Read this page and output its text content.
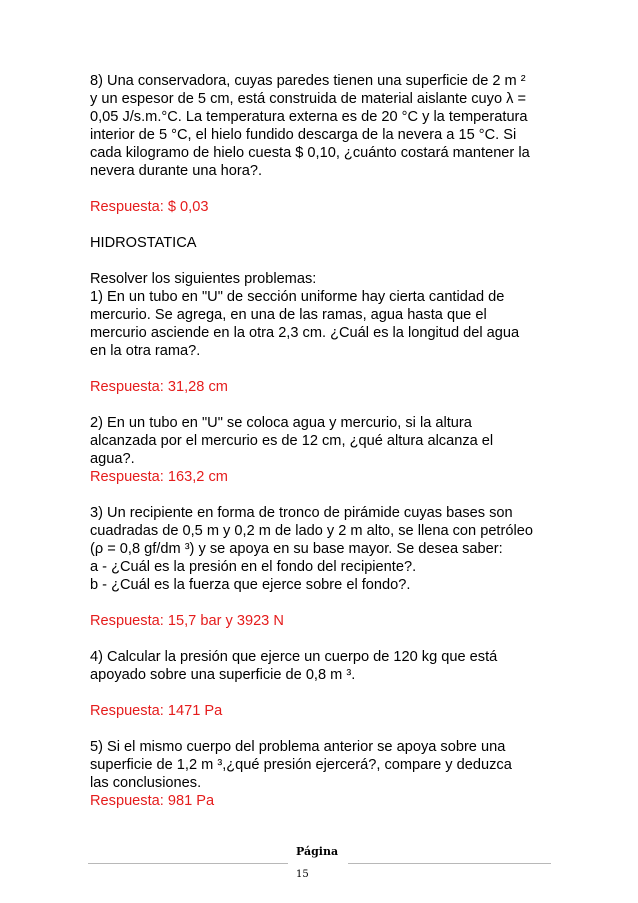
8) Una conservadora, cuyas paredes tienen una superficie de 2 m ²
y un espesor de 5 cm, está construida de material aislante cuyo λ =
0,05 J/s.m.°C. La temperatura externa es de 20 °C y la temperatura
interior de 5 °C, el hielo fundido descarga de la nevera a 15 °C. Si
cada kilogramo de hielo cuesta $ 0,10, ¿cuánto costará mantener la
nevera durante una hora?.

Respuesta: $ 0,03

HIDROSTATICA

Resolver los siguientes problemas:

1) En un tubo en "U" de sección uniforme hay cierta cantidad de
mercurio. Se agrega, en una de las ramas, agua hasta que el
mercurio asciende en la otra 2,3 cm. ¿Cuál es la longitud del agua
en la otra rama?.

Respuesta: 31,28 cm

2) En un tubo en "U" se coloca agua y mercurio, si la altura
alcanzada por el mercurio es de 12 cm, ¿qué altura alcanza el
agua?.

Respuesta: 163,2 cm

3) Un recipiente en forma de tronco de pirámide cuyas bases son
cuadradas de 0,5 m y 0,2 m de lado y 2 m alto, se llena con petróleo
(ρ = 0,8 gf/dm ³) y se apoya en su base mayor. Se desea saber:
a - ¿Cuál es la presión en el fondo del recipiente?.
b - ¿Cuál es la fuerza que ejerce sobre el fondo?.

Respuesta: 15,7 bar y 3923 N

4) Calcular la presión que ejerce un cuerpo de 120 kg que está
apoyado sobre una superficie de 0,8 m ³.

Respuesta: 1471 Pa

5) Si el mismo cuerpo del problema anterior se apoya sobre una
superficie de 1,2 m ³,¿qué presión ejercerá?, compare y deduzca
las conclusiones.

Respuesta: 981 Pa

Página
15
